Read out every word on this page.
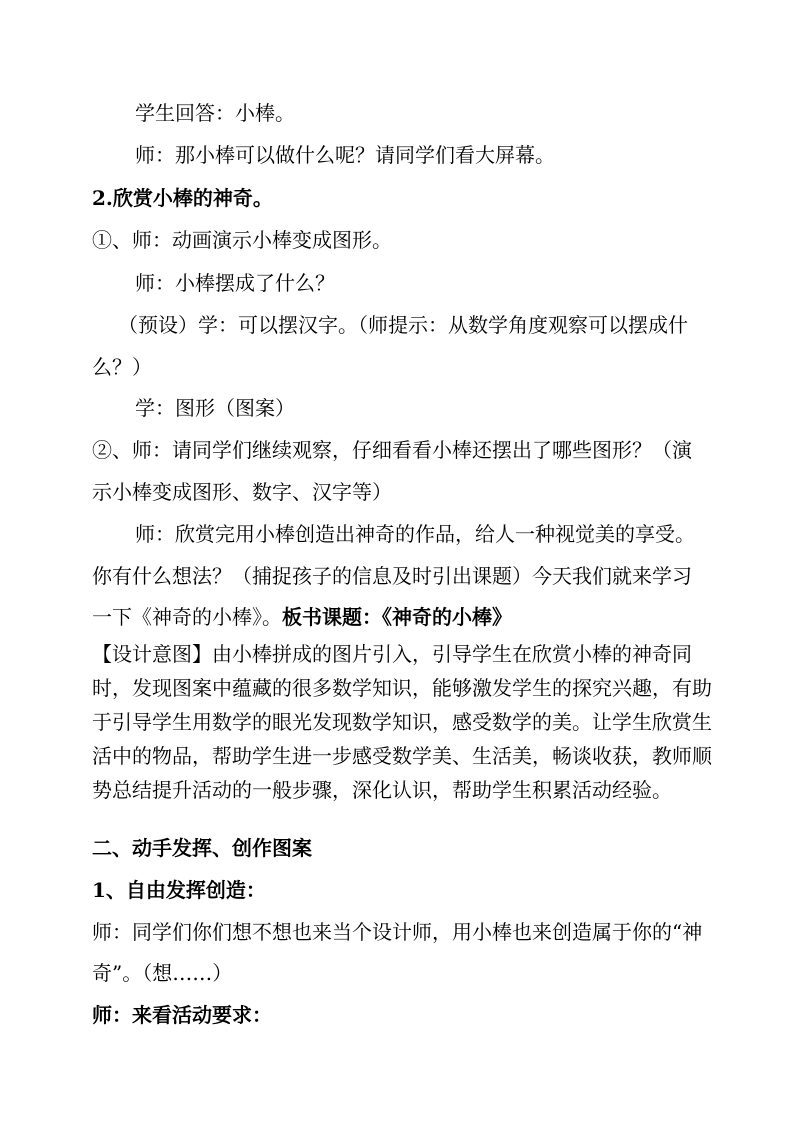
学生回答：小棒。
师：那小棒可以做什么呢？请同学们看大屏幕。
2.欣赏小棒的神奇。
①、师：动画演示小棒变成图形。
师：小棒摆成了什么？
（预设）学：可以摆汉字。（师提示：从数学角度观察可以摆成什
么？）
学：图形（图案）
②、师：请同学们继续观察，仔细看看小棒还摆出了哪些图形？（演
示小棒变成图形、数字、汉字等）
师：欣赏完用小棒创造出神奇的作品，给人一种视觉美的享受。
你有什么想法？（捕捉孩子的信息及时引出课题）今天我们就来学习
一下《神奇的小棒》。板书课题：《神奇的小棒》
【设计意图】由小棒拼成的图片引入，引导学生在欣赏小棒的神奇同时，发现图案中蕴藏的很多数学知识，能够激发学生的探究兴趣，有助于引导学生用数学的眼光发现数学知识，感受数学的美。让学生欣赏生活中的物品，帮助学生进一步感受数学美、生活美，畅谈收获，教师顺势总结提升活动的一般步骤，深化认识，帮助学生积累活动经验。
二、动手发挥、创作图案
1、自由发挥创造：
师：同学们你们想不想也来当个设计师，用小棒也来创造属于你的“神
奇”。（想……）
师：来看活动要求：
